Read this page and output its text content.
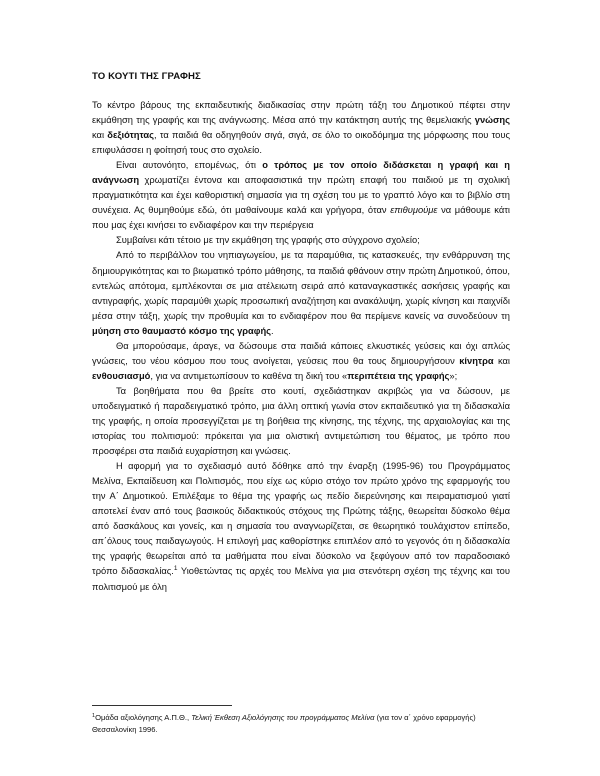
ΤΟ ΚΟΥΤΙ ΤΗΣ ΓΡΑΦΗΣ

Το κέντρο βάρους της εκπαιδευτικής διαδικασίας στην πρώτη τάξη του Δημοτικού πέφτει στην εκμάθηση της γραφής και της ανάγνωσης. Μέσα από την κατάκτηση αυτής της θεμελιακής γνώσης και δεξιότητας, τα παιδιά θα οδηγηθούν σιγά, σιγά, σε όλο το οικοδόμημα της μόρφωσης που τους επιφυλάσσει η φοίτησή τους στο σχολείο.

Είναι αυτονόητο, επομένως, ότι ο τρόπος με τον οποίο διδάσκεται η γραφή και η ανάγνωση χρωματίζει έντονα και αποφασιστικά την πρώτη επαφή του παιδιού με τη σχολική πραγματικότητα και έχει καθοριστική σημασία για τη σχέση του με το γραπτό λόγο και το βιβλίο στη συνέχεια. Ας θυμηθούμε εδώ, ότι μαθαίνουμε καλά και γρήγορα, όταν επιθυμούμε να μάθουμε κάτι που μας έχει κινήσει το ενδιαφέρον και την περιέργεια

Συμβαίνει κάτι τέτοιο με την εκμάθηση της γραφής στο σύγχρονο σχολείο;

Από το περιβάλλον του νηπιαγωγείου, με τα παραμύθια, τις κατασκευές, την ενθάρρυνση της δημιουργικότητας και το βιωματικό τρόπο μάθησης, τα παιδιά φθάνουν στην πρώτη Δημοτικού, όπου, εντελώς απότομα, εμπλέκονται σε μια ατέλειωτη σειρά από καταναγκαστικές ασκήσεις γραφής και αντιγραφής, χωρίς παραμύθι χωρίς προσωπική αναζήτηση και ανακάλυψη, χωρίς κίνηση και παιχνίδι μέσα στην τάξη, χωρίς την προθυμία και το ενδιαφέρον που θα περίμενε κανείς να συνοδεύουν τη μύηση στο θαυμαστό κόσμο της γραφής.

Θα μπορούσαμε, άραγε, να δώσουμε στα παιδιά κάποιες ελκυστικές γεύσεις και όχι απλώς γνώσεις, του νέου κόσμου που τους ανοίγεται, γεύσεις που θα τους δημιουργήσουν κίνητρα και ενθουσιασμό, για να αντιμετωπίσουν το καθένα τη δική του «περιπέτεια της γραφής»;

Τα βοηθήματα που θα βρείτε στο κουτί, σχεδιάστηκαν ακριβώς για να δώσουν, με υποδειγματικό ή παραδειγματικό τρόπο, μια άλλη οπτική γωνία στον εκπαιδευτικό για τη διδασκαλία της γραφής, η οποία προσεγγίζεται με τη βοήθεια της κίνησης, της τέχνης, της αρχαιολογίας και της ιστορίας του πολιτισμού: πρόκειται για μια ολιστική αντιμετώπιση του θέματος, με τρόπο που προσφέρει στα παιδιά ευχαρίστηση και γνώσεις.

Η αφορμή για το σχεδιασμό αυτό δόθηκε από την έναρξη (1995-96) του Προγράμματος Μελίνα, Εκπαίδευση και Πολιτισμός, που είχε ως κύριο στόχο τον πρώτο χρόνο της εφαρμογής του την Α΄ Δημοτικού. Επιλέξαμε το θέμα της γραφής ως πεδίο διερεύνησης και πειραματισμού γιατί αποτελεί έναν από τους βασικούς διδακτικούς στόχους της Πρώτης τάξης, θεωρείται δύσκολο θέμα από δασκάλους και γονείς, και η σημασία του αναγνωρίζεται, σε θεωρητικό τουλάχιστον επίπεδο, απ΄όλους τους παιδαγωγούς. Η επιλογή μας καθορίστηκε επιπλέον από το γεγονός ότι η διδασκαλία της γραφής θεωρείται από τα μαθήματα που είναι δύσκολο να ξεφύγουν από τον παραδοσιακό τρόπο διδασκαλίας.$^1$ Υιοθετώντας τις αρχές του Μελίνα για μια στενότερη σχέση της τέχνης και του πολιτισμού με όλη

$^1$Ομάδα αξιολόγησης Α.Π.Θ., Τελική Έκθεση Αξιολόγησης του προγράμματος Μελίνα (για τον α΄ χρόνο εφαρμογής) Θεσσαλονίκη 1996.
